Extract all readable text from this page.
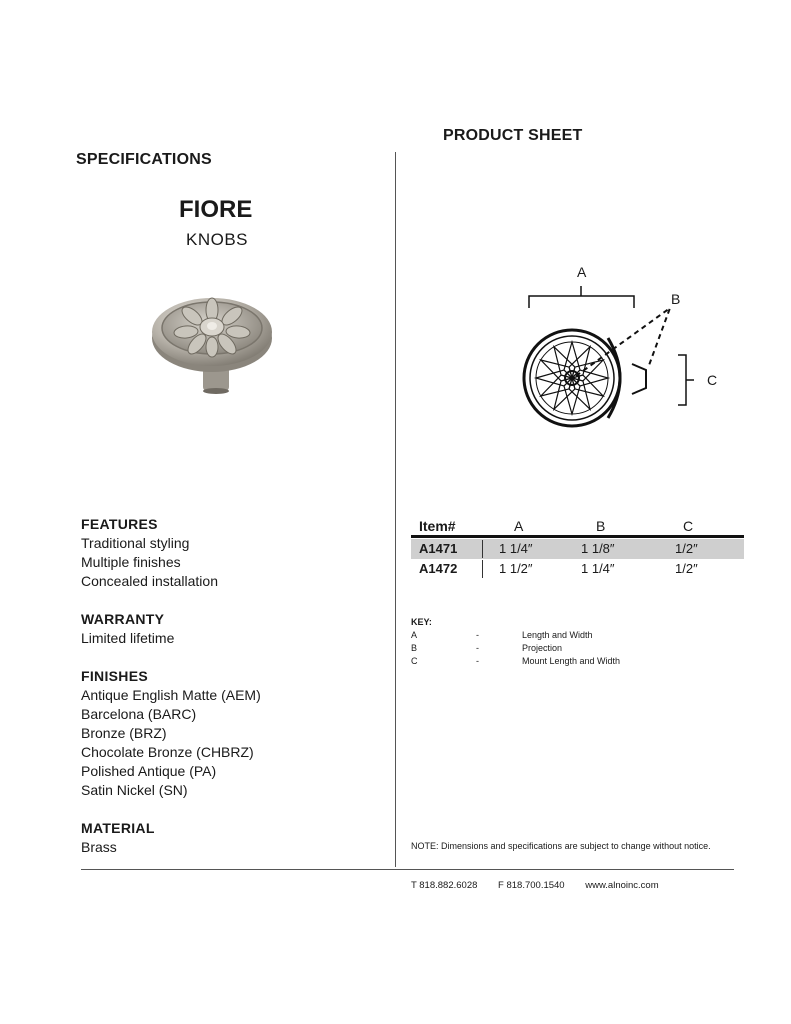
PRODUCT SHEET
SPECIFICATIONS
FIORE
KNOBS
A
B
C
FEATURES
Traditional styling
Multiple finishes
Concealed installation
WARRANTY
Limited lifetime
FINISHES
Antique English Matte (AEM)
Barcelona (BARC)
Bronze (BRZ)
Chocolate Bronze (CHBRZ)
Polished Antique (PA)
Satin Nickel (SN)
MATERIAL
Brass
Item#	A	B	C
A1471	1 1/4″	1 1/8″	1/2″
A1472	1 1/2″	1 1/4″	1/2″
KEY:
A	-	Length and Width
B	-	Projection
C	-	Mount Length and Width
NOTE: Dimensions and specifications are subject to change without notice.
T 818.882.6028 F 818.700.1540 www.alnoinc.com
